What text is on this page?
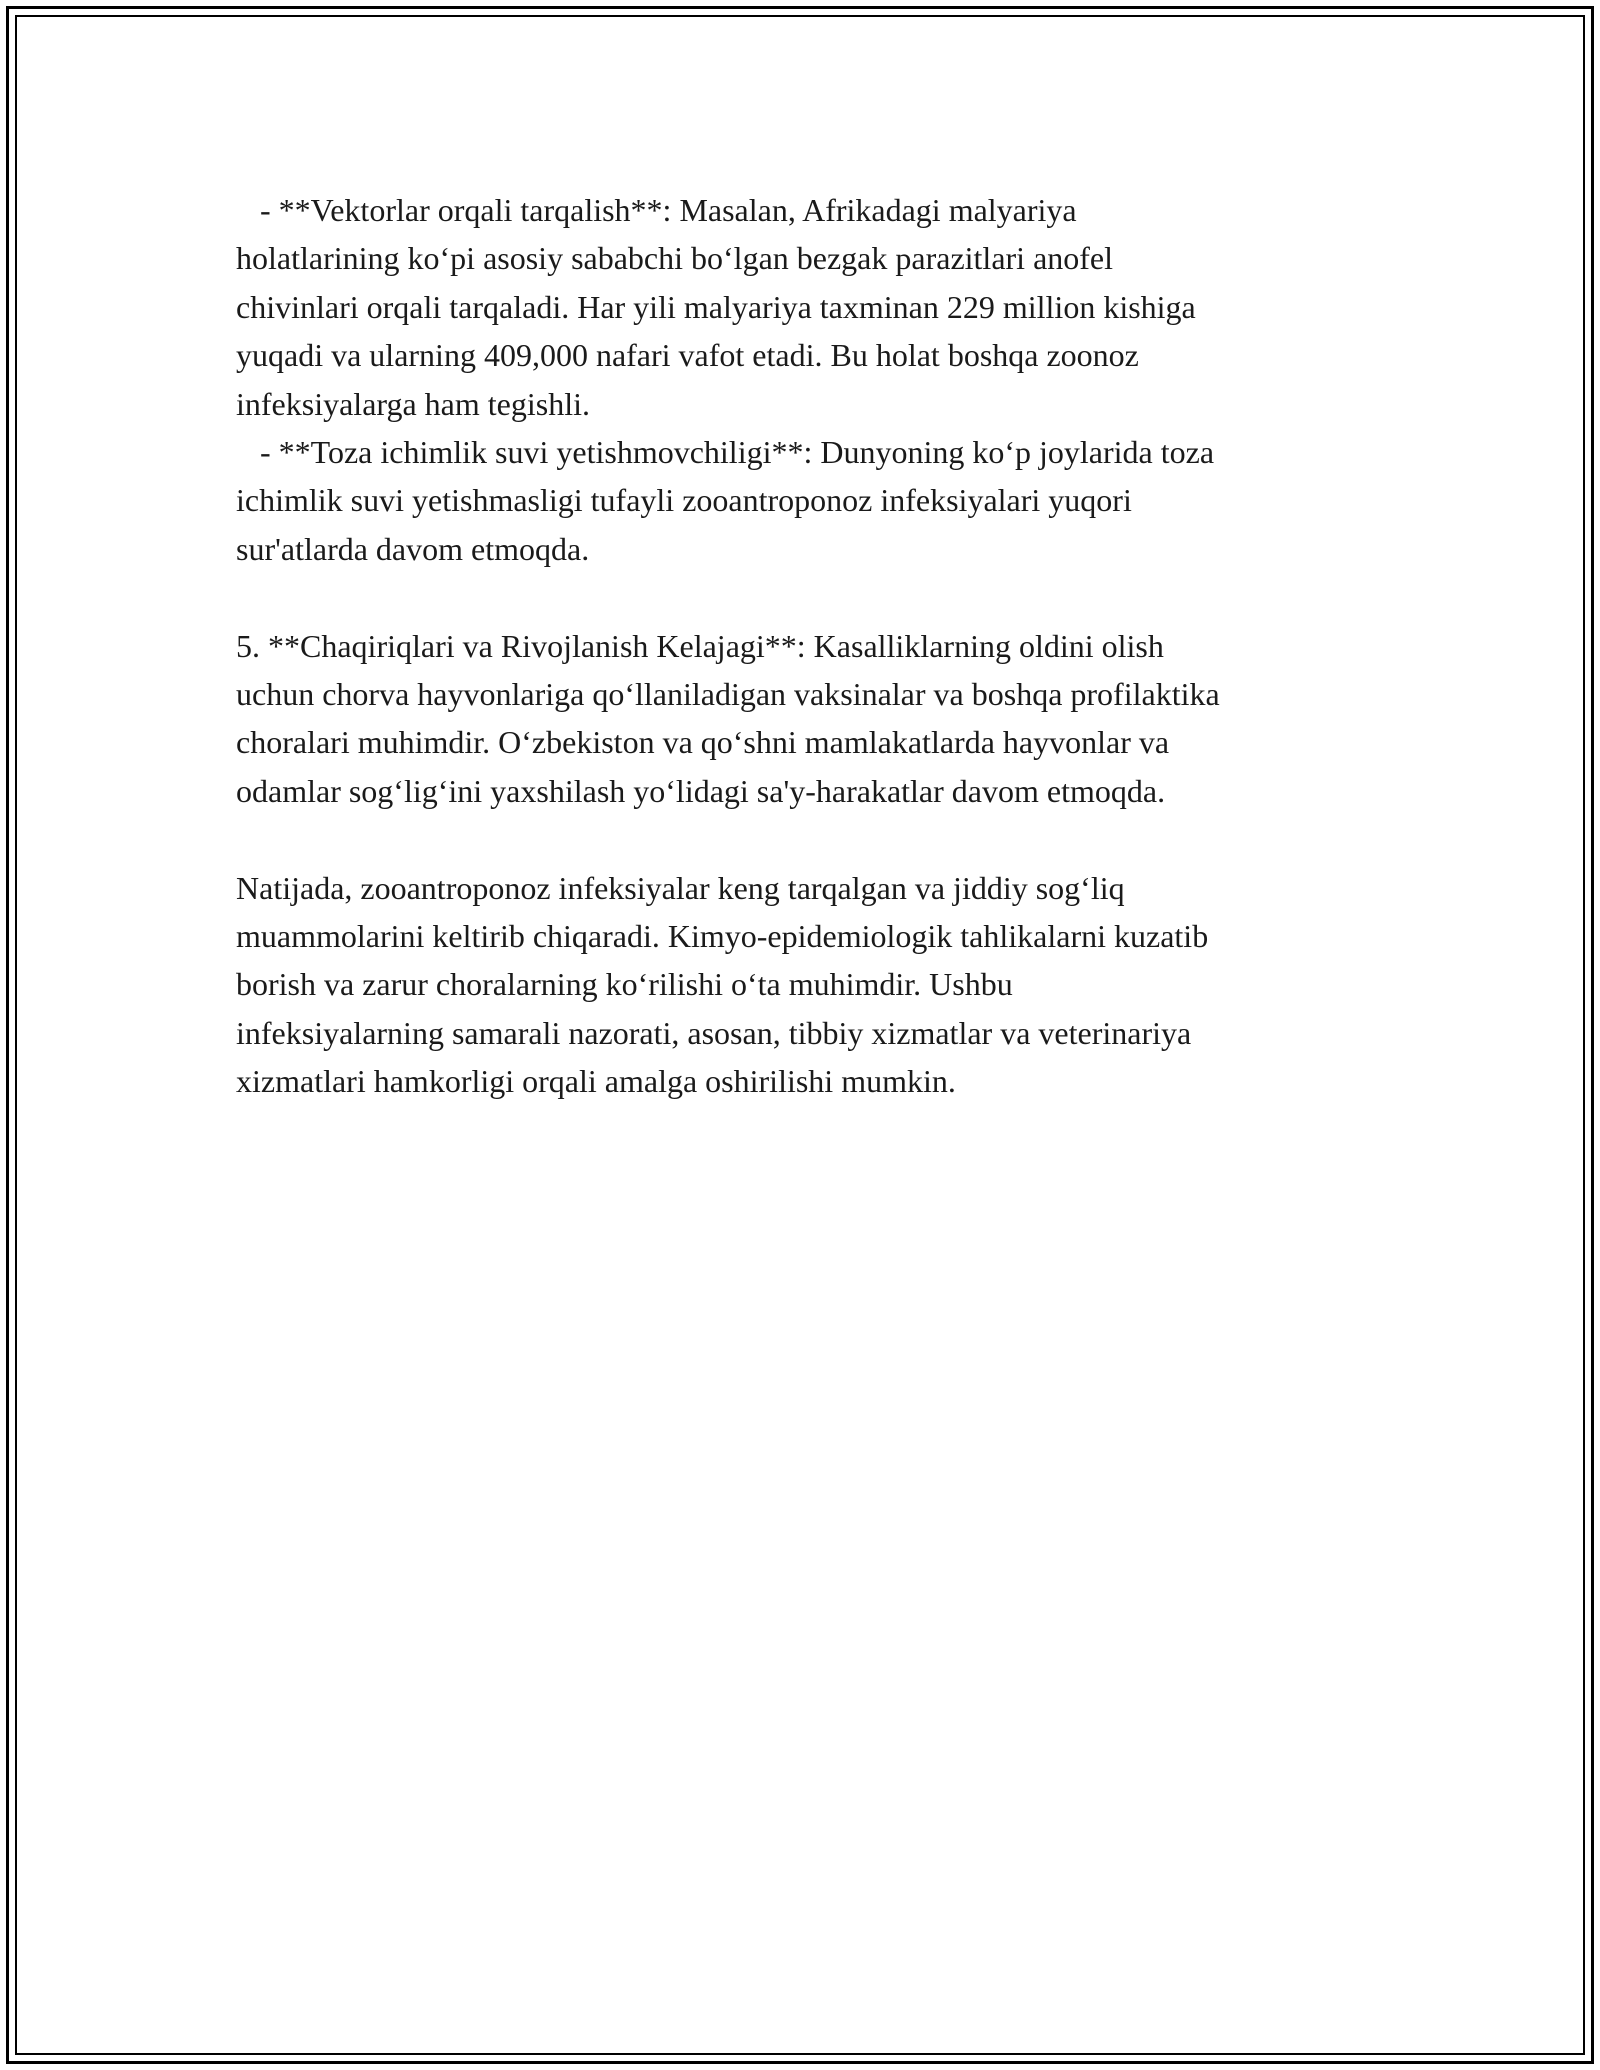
- **Vektorlar orqali tarqalish**: Masalan, Afrikadagi malyariya
holatlarining ko‘pi asosiy sababchi bo‘lgan bezgak parazitlari anofel
chivinlari orqali tarqaladi. Har yili malyariya taxminan 229 million kishiga
yuqadi va ularning 409,000 nafari vafot etadi. Bu holat boshqa zoonoz
infeksiyalarga ham tegishli.

- **Toza ichimlik suvi yetishmovchiligi**: Dunyoning ko‘p joylarida toza
ichimlik suvi yetishmasligi tufayli zooantroponoz infeksiyalari yuqori
sur'atlarda davom etmoqda.

5. **Chaqiriqlari va Rivojlanish Kelajagi**: Kasalliklarning oldini olish
uchun chorva hayvonlariga qo‘llaniladigan vaksinalar va boshqa profilaktika
choralari muhimdir. O‘zbekiston va qo‘shni mamlakatlarda hayvonlar va
odamlar sog‘lig‘ini yaxshilash yo‘lidagi sa'y-harakatlar davom etmoqda.

Natijada, zooantroponoz infeksiyalar keng tarqalgan va jiddiy sog‘liq
muammolarini keltirib chiqaradi. Kimyo-epidemiologik tahlikalarni kuzatib
borish va zarur choralarning ko‘rilishi o‘ta muhimdir. Ushbu
infeksiyalarning samarali nazorati, asosan, tibbiy xizmatlar va veterinariya
xizmatlari hamkorligi orqali amalga oshirilishi mumkin.
